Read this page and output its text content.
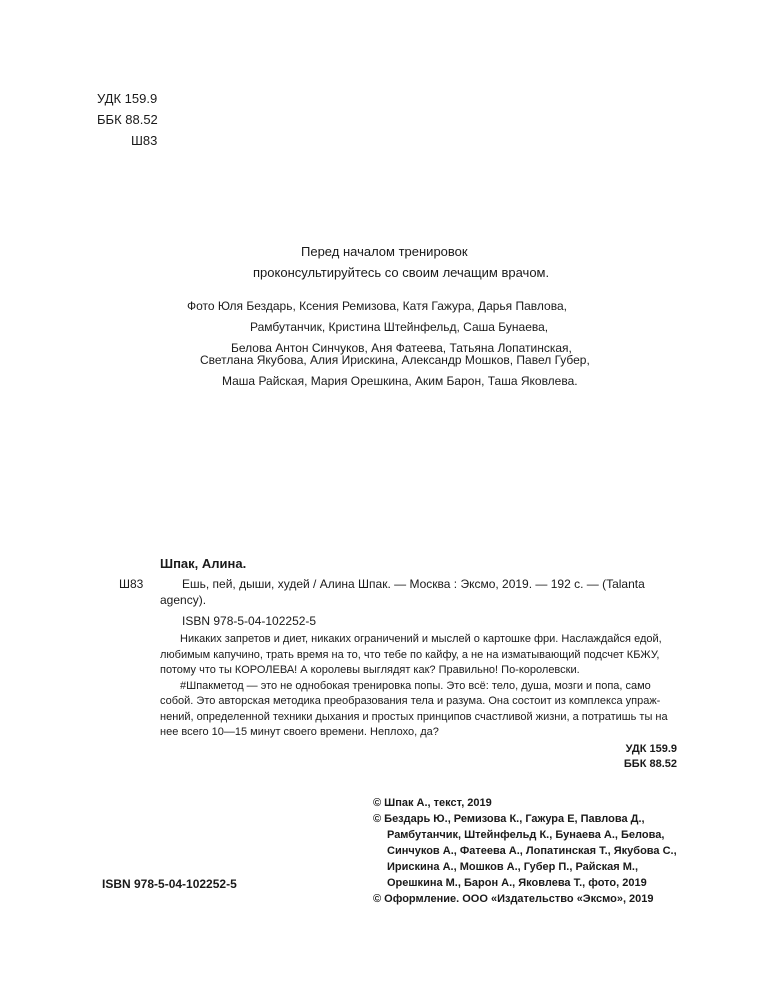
УДК 159.9
ББК 88.52
Ш83
Перед началом тренировок
проконсультируйтесь со своим лечащим врачом.
Фото Юля Бездарь, Ксения Ремизова, Катя Гажура, Дарья Павлова,
Рамбутанчик, Кристина Штейнфельд, Саша Бунаева,
Белова Антон Синчуков, Аня Фатеева, Татьяна Лопатинская,
Светлана Якубова, Алия Ирискина, Александр Мошков, Павел Губер,
Маша Райская, Мария Орешкина, Аким Барон, Таша Яковлева.
Шпак, Алина.
Ш83	Ешь, пей, дыши, худей / Алина Шпак. — Москва : Эксмо, 2019. — 192 с. — (Talanta
agency).
ISBN 978-5-04-102252-5
Никаких запретов и диет, никаких ограничений и мыслей о картошке фри. Наслаждайся едой,
любимым капучино, трать время на то, что тебе по кайфу, а не на изматывающий подсчет КБЖУ,
потому что ты КОРОЛЕВА! А королевы выглядят как? Правильно! По-королевски.
#Шпакметод — это не однобокая тренировка попы. Это всё: тело, душа, мозги и попа, само
собой. Это авторская методика преобразования тела и разума. Она состоит из комплекса упраж-
нений, определенной техники дыхания и простых принципов счастливой жизни, а потратишь ты на
нее всего 10—15 минут своего времени. Неплохо, да?
УДК 159.9
ББК 88.52
© Шпак А., текст, 2019
© Бездарь Ю., Ремизова К., Гажура Е, Павлова Д.,
Рамбутанчик, Штейнфельд К., Бунаева А., Белова,
Синчуков А., Фатеева А., Лопатинская Т., Якубова С.,
Ирискина А., Мошков А., Губер П., Райская М.,
Орешкина М., Барон А., Яковлева Т., фото, 2019
© Оформление. ООО «Издательство «Эксмо», 2019
ISBN 978-5-04-102252-5
